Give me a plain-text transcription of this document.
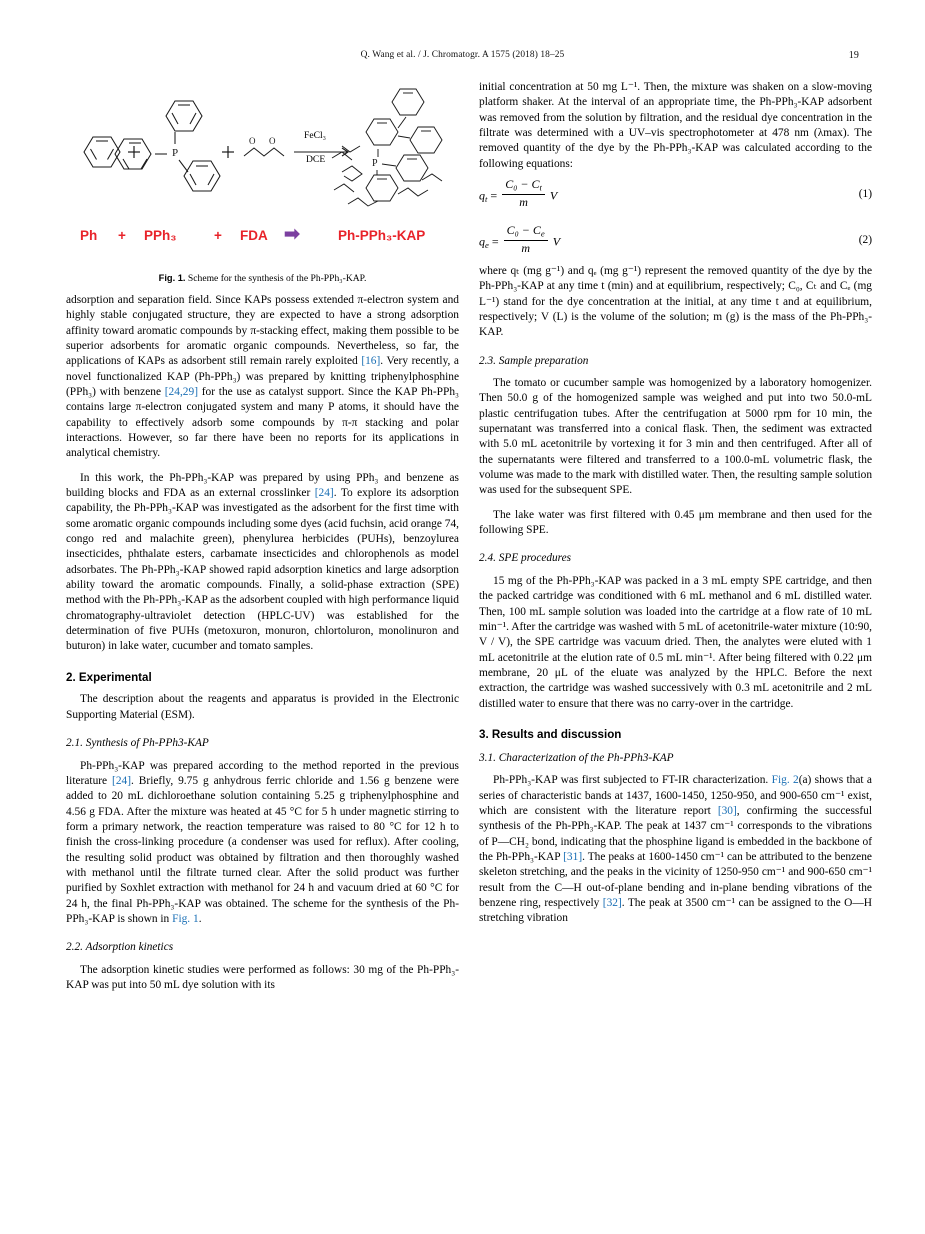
Q. Wang et al. / J. Chromatogr. A 1575 (2018) 18–25	19
P
O O
P
Ph + PPh₃	+ FDA ➡	Ph-PPh₃-KAP
FeCl₃
DCE
Fig. 1. Scheme for the synthesis of the Ph-PPh₃-KAP.

adsorption and separation field. Since KAPs possess extended π-electron system and highly stable conjugated structure, they are expected to have a strong adsorption affinity toward aromatic compounds by π-stacking effect, making them possible to be superior adsorbents for aromatic organic compounds. Nevertheless, so far, the applications of KAPs as adsorbent still remain rarely exploited [16]. Very recently, a novel functionalized KAP (Ph-PPh₃) was prepared by knitting triphenylphosphine (PPh₃) with benzene [24,29] for the use as catalyst support. Since the KAP Ph-PPh₃ contains large π-electron conjugated system and many P atoms, it should have the capability to effectively adsorb some compounds by π-π stacking and polar interactions. However, so far there have been no reports for its applications in analytical chemistry.

In this work, the Ph-PPh₃-KAP was prepared by using PPh₃ and benzene as building blocks and FDA as an external crosslinker [24]. To explore its adsorption capability, the Ph-PPh₃-KAP was investigated as the adsorbent for the first time with some aromatic organic compounds including some dyes (acid fuchsin, acid orange 74, congo red and malachite green), phenylurea herbicides (PUHs), benzoylurea insecticides, phthalate esters, carbamate insecticides and chlorophenols as model adsorbates. The Ph-PPh₃-KAP showed rapid adsorption kinetics and large adsorption ability toward the aromatic compounds. Finally, a solid-phase extraction (SPE) method with the Ph-PPh₃-KAP as the adsorbent coupled with high performance liquid chromatography-ultraviolet detection (HPLC-UV) was established for the determination of five PUHs (metoxuron, monuron, chlortoluron, monolinuron and buturon) in lake water, cucumber and tomato samples.

2. Experimental

The description about the reagents and apparatus is provided in the Electronic Supporting Material (ESM).

2.1. Synthesis of Ph-PPh3-KAP

Ph-PPh₃-KAP was prepared according to the method reported in the previous literature [24]. Briefly, 9.75 g anhydrous ferric chloride and 1.56 g benzene were added to 20 mL dichloroethane solution containing 5.25 g triphenylphosphine and 4.56 g FDA. After the mixture was heated at 45 °C for 5 h under magnetic stirring to form a primary network, the reaction temperature was raised to 80 °C for 12 h to finish the cross-linking procedure (a condenser was used for reflux). After cooling, the resulting solid product was obtained by filtration and then thoroughly washed with methanol until the filtrate turned clear. After the solid product was further purified by Soxhlet extraction with methanol for 24 h and vacuum dried at 60 °C for 24 h, the final Ph-PPh₃-KAP was obtained. The scheme for the synthesis of the Ph-PPh₃-KAP is shown in Fig. 1.

2.2. Adsorption kinetics

The adsorption kinetic studies were performed as follows: 30 mg of the Ph-PPh₃-KAP was put into 50 mL dye solution with its

initial concentration at 50 mg L⁻¹. Then, the mixture was shaken on a slow-moving platform shaker. At the interval of an appropriate time, the Ph-PPh₃-KAP adsorbent was removed from the solution by filtration, and the residual dye concentration in the filtrate was determined with a UV–vis spectrophotometer at 478 nm (λmax). The removed quantity of the dye by the Ph-PPh₃-KAP was calculated according to the following equations:

$q_t = \frac{C_0 - C_t}{m}$ V	(1)
$q_e = \frac{C_0 - C_e}{m}$ V	(2)

where qₜ (mg g⁻¹) and qₑ (mg g⁻¹) represent the removed quantity of the dye by the Ph-PPh₃-KAP at any time t (min) and at equilibrium, respectively; C₀, Cₜ and Cₑ (mg L⁻¹) stand for the dye concentration at the initial, at any time t and at equilibrium, respectively; V (L) is the volume of the solution; m (g) is the mass of the Ph-PPh₃-KAP.

2.3. Sample preparation

The tomato or cucumber sample was homogenized by a laboratory homogenizer. Then 50.0 g of the homogenized sample was weighed and put into two 50.0-mL plastic centrifugation tubes. After the centrifugation at 5000 rpm for 10 min, the supernatant was transferred into a conical flask. Then, the sediment was extracted with 5.0 mL acetonitrile by vortexing it for 3 min and then centrifuged. After all of the supernatants were filtered and transferred to a 100.0-mL volumetric flask, the volume was made to the mark with distilled water. Then, the resulting sample solution was used for the subsequent SPE.

The lake water was first filtered with 0.45 μm membrane and then used for the following SPE.

2.4. SPE procedures

15 mg of the Ph-PPh₃-KAP was packed in a 3 mL empty SPE cartridge, and then the packed cartridge was conditioned with 6 mL methanol and 6 mL distilled water. Then, 100 mL sample solution was loaded into the cartridge at a flow rate of 10 mL min⁻¹. After the cartridge was washed with 5 mL of acetonitrile-water mixture (10:90, V / V), the SPE cartridge was vacuum dried. Then, the analytes were eluted with 1 mL acetonitrile at the elution rate of 0.5 mL min⁻¹. After being filtered with 0.22 μm membrane, 20 μL of the eluate was analyzed by the HPLC. Before the next extraction, the cartridge was washed successively with 0.3 mL acetonitrile and 2 mL distilled water to ensure that there was no carry-over in the cartridge.

3. Results and discussion
3.1. Characterization of the Ph-PPh3-KAP

Ph-PPh₃-KAP was first subjected to FT-IR characterization. Fig. 2(a) shows that a series of characteristic bands at 1437, 1600-1450, 1250-950, and 900-650 cm⁻¹ exist, which are consistent with the literature report [30], confirming the successful synthesis of the Ph-PPh₃-KAP. The peak at 1437 cm⁻¹ corresponds to the vibrations of P—CH₂ bond, indicating that the phosphine ligand is embedded in the backbone of the Ph-PPh₃-KAP [31]. The peaks at 1600-1450 cm⁻¹ can be attributed to the benzene skeleton stretching, and the peaks in the vicinity of 1250-950 cm⁻¹ and 900-650 cm⁻¹ result from the C—H out-of-plane bending and in-plane bending vibrations of the benzene ring, respectively [32]. The peak at 3500 cm⁻¹ can be assigned to the O—H stretching vibration
